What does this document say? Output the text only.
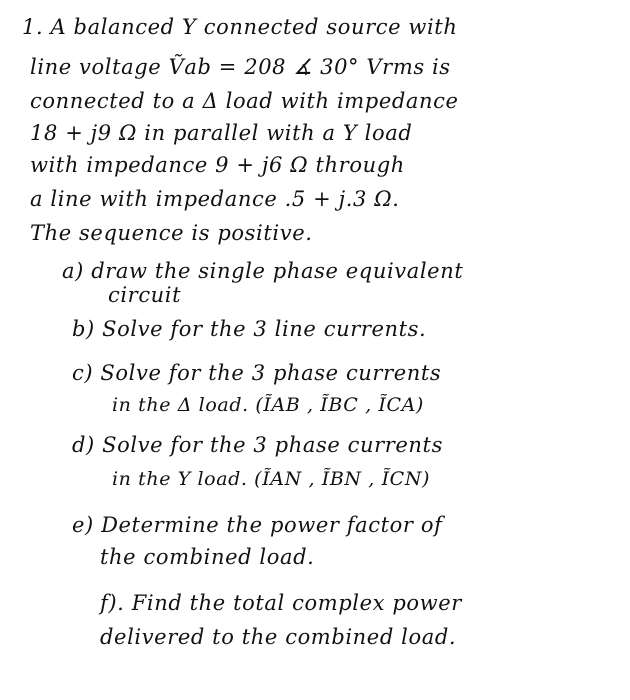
1. A balanced Y connected source with
line voltage Ṽab = 208 ∡ 30° Vrms is
connected to a Δ load with impedance
18 + j9 Ω in parallel with a Y load
with impedance 9 + j6 Ω through
a line with impedance .5 + j.3 Ω.
The sequence is positive.
a) draw the single phase equivalent
circuit
b) Solve for the 3 line currents.
c) Solve for the 3 phase currents
in the Δ load. (ĨAB , ĨBC , ĨCA)
d) Solve for the 3 phase currents
in the Y load. (ĨAN , ĨBN , ĨCN)
e) Determine the power factor of
the combined load.
f). Find the total complex power
delivered to the combined load.
